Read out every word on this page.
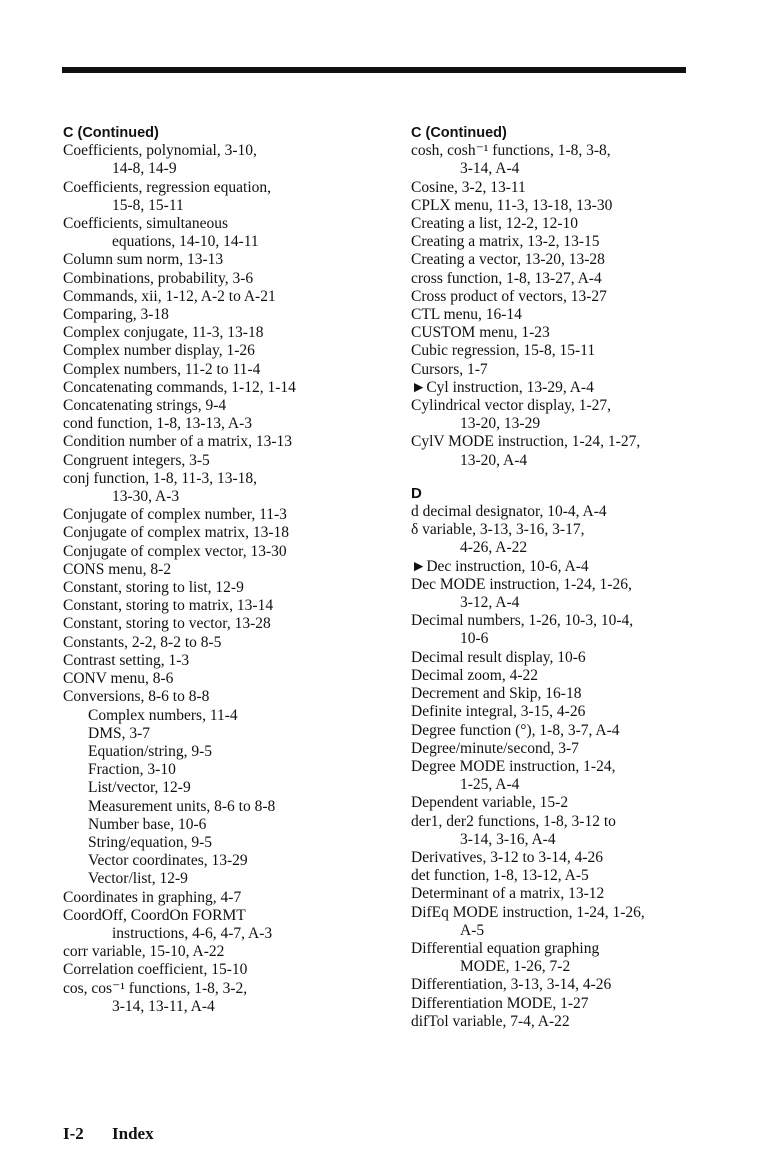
C (Continued)
Coefficients, polynomial, 3-10,
14-8, 14-9
Coefficients, regression equation,
15-8, 15-11
Coefficients, simultaneous
equations, 14-10, 14-11
Column sum norm, 13-13
Combinations, probability, 3-6
Commands, xii, 1-12, A-2 to A-21
Comparing, 3-18
Complex conjugate, 11-3, 13-18
Complex number display, 1-26
Complex numbers, 11-2 to 11-4
Concatenating commands, 1-12, 1-14
Concatenating strings, 9-4
cond function, 1-8, 13-13, A-3
Condition number of a matrix, 13-13
Congruent integers, 3-5
conj function, 1-8, 11-3, 13-18,
13-30, A-3
Conjugate of complex number, 11-3
Conjugate of complex matrix, 13-18
Conjugate of complex vector, 13-30
CONS menu, 8-2
Constant, storing to list, 12-9
Constant, storing to matrix, 13-14
Constant, storing to vector, 13-28
Constants, 2-2, 8-2 to 8-5
Contrast setting, 1-3
CONV menu, 8-6
Conversions, 8-6 to 8-8
Complex numbers, 11-4
DMS, 3-7
Equation/string, 9-5
Fraction, 3-10
List/vector, 12-9
Measurement units, 8-6 to 8-8
Number base, 10-6
String/equation, 9-5
Vector coordinates, 13-29
Vector/list, 12-9
Coordinates in graphing, 4-7
CoordOff, CoordOn FORMT
instructions, 4-6, 4-7, A-3
corr variable, 15-10, A-22
Correlation coefficient, 15-10
cos, cos⁻¹ functions, 1-8, 3-2,
3-14, 13-11, A-4
C (Continued)
cosh, cosh⁻¹ functions, 1-8, 3-8,
3-14, A-4
Cosine, 3-2, 13-11
CPLX menu, 11-3, 13-18, 13-30
Creating a list, 12-2, 12-10
Creating a matrix, 13-2, 13-15
Creating a vector, 13-20, 13-28
cross function, 1-8, 13-27, A-4
Cross product of vectors, 13-27
CTL menu, 16-14
CUSTOM menu, 1-23
Cubic regression, 15-8, 15-11
Cursors, 1-7
►Cyl instruction, 13-29, A-4
Cylindrical vector display, 1-27,
13-20, 13-29
CylV MODE instruction, 1-24, 1-27,
13-20, A-4
D
d decimal designator, 10-4, A-4
δ variable, 3-13, 3-16, 3-17,
4-26, A-22
►Dec instruction, 10-6, A-4
Dec MODE instruction, 1-24, 1-26,
3-12, A-4
Decimal numbers, 1-26, 10-3, 10-4,
10-6
Decimal result display, 10-6
Decimal zoom, 4-22
Decrement and Skip, 16-18
Definite integral, 3-15, 4-26
Degree function (°), 1-8, 3-7, A-4
Degree/minute/second, 3-7
Degree MODE instruction, 1-24,
1-25, A-4
Dependent variable, 15-2
der1, der2 functions, 1-8, 3-12 to
3-14, 3-16, A-4
Derivatives, 3-12 to 3-14, 4-26
det function, 1-8, 13-12, A-5
Determinant of a matrix, 13-12
DifEq MODE instruction, 1-24, 1-26,
A-5
Differential equation graphing
MODE, 1-26, 7-2
Differentiation, 3-13, 3-14, 4-26
Differentiation MODE, 1-27
difTol variable, 7-4, A-22
I-2 Index
